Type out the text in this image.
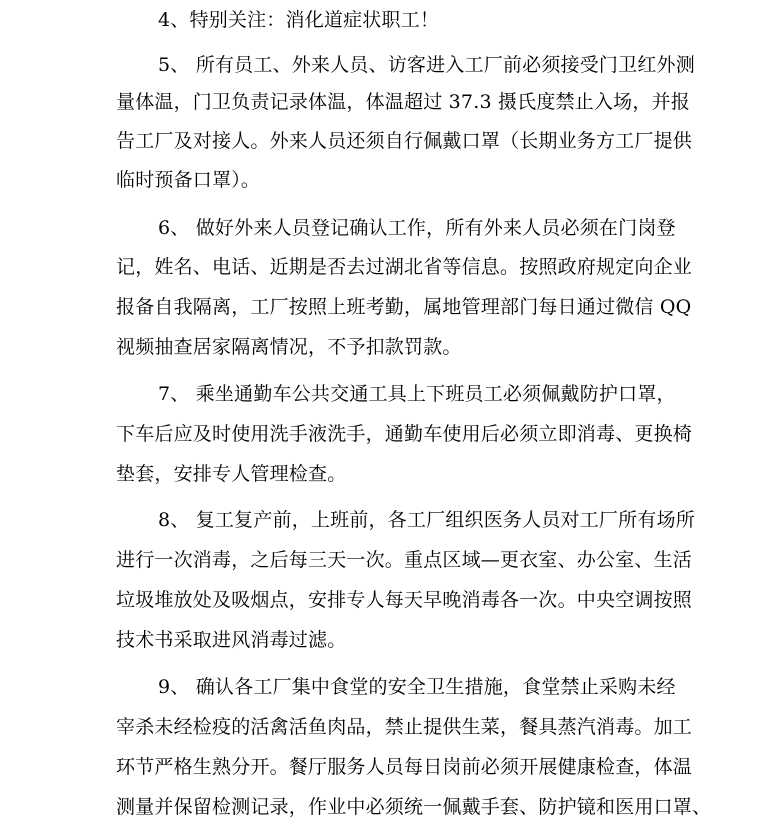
4、特别关注：消化道症状职工！
5、 所有员工、外来人员、访客进入工厂前必须接受门卫红外测
量体温，门卫负责记录体温，体温超过 37.3 摄氏度禁止入场，并报
告工厂及对接人。外来人员还须自行佩戴口罩（长期业务方工厂提供
临时预备口罩）。
6、 做好外来人员登记确认工作，所有外来人员必须在门岗登
记，姓名、电话、近期是否去过湖北省等信息。按照政府规定向企业
报备自我隔离，工厂按照上班考勤，属地管理部门每日通过微信 QQ
视频抽查居家隔离情况，不予扣款罚款。
7、 乘坐通勤车公共交通工具上下班员工必须佩戴防护口罩，
下车后应及时使用洗手液洗手，通勤车使用后必须立即消毒、更换椅
垫套，安排专人管理检查。
8、 复工复产前，上班前，各工厂组织医务人员对工厂所有场所
进行一次消毒，之后每三天一次。重点区域—更衣室、办公室、生活
垃圾堆放处及吸烟点，安排专人每天早晚消毒各一次。中央空调按照
技术书采取进风消毒过滤。
9、 确认各工厂集中食堂的安全卫生措施，食堂禁止采购未经
宰杀未经检疫的活禽活鱼肉品，禁止提供生菜，餐具蒸汽消毒。加工
环节严格生熟分开。餐厅服务人员每日岗前必须开展健康检查，体温
测量并保留检测记录，作业中必须统一佩戴手套、防护镜和医用口罩、
